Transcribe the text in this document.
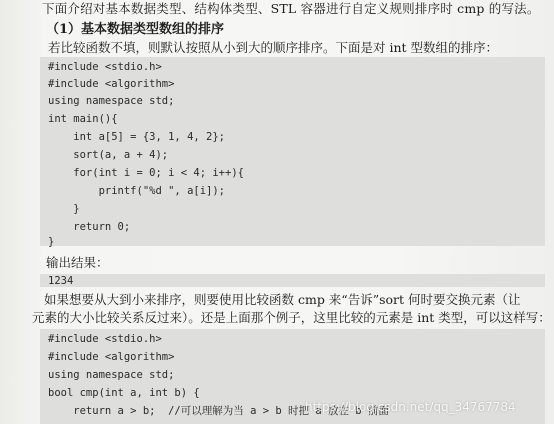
下面介绍对基本数据类型、结构体类型、STL 容器进行自定义规则排序时 cmp 的写法。
（1）基本数据类型数组的排序
若比较函数不填，则默认按照从小到大的顺序排序。下面是对 int 型数组的排序：
#include <stdio.h>
#include <algorithm>
using namespace std;
int main(){
int a[5] = {3, 1, 4, 2};
sort(a, a + 4);
for(int i = 0; i < 4; i++){
printf("%d ", a[i]);
}
return 0;
}
输出结果：
1234
如果想要从大到小来排序，则要使用比较函数 cmp 来“告诉”sort 何时要交换元素（让
元素的大小比较关系反过来）。还是上面那个例子，这里比较的元素是 int 类型，可以这样写：
#include <stdio.h>
#include <algorithm>
using namespace std;
bool cmp(int a, int b) {
return a > b;  //可以理解为当 a > b 时把 a 放在 b 前面
https://blog.csdn.net/qq_34767784
